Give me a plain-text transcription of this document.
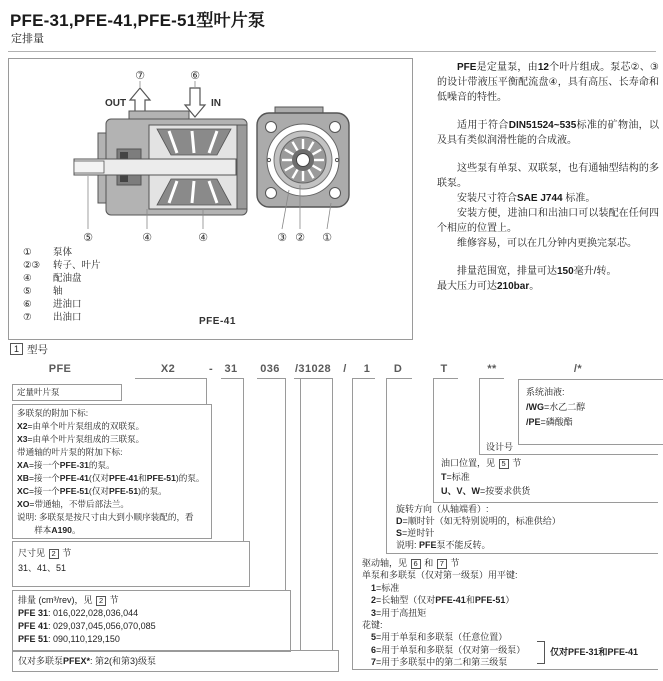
PFE-31,PFE-41,PFE-51型叶片泵
定排量
⑦	⑥
OUT	IN
⑤	④	④	③ ② ①
① 泵体
②③ 转子、叶片
④ 配油盘
⑤ 轴
⑥ 进油口
⑦ 出油口	PFE-41

PFE是定量泵，由12个叶片组成。泵芯②、③的设计带液压平衡配流盘④，具有高压、长寿命和低噪音的特性。

适用于符合DIN51524~535标准的矿物油，以及具有类似润滑性能的合成液。

这些泵有单泵、双联泵，也有通轴型结构的多联泵。

安装尺寸符合SAE J744 标准。

安装方便，进油口和出油口可以装配在任何四个相应的位置上。

维修容易，可以在几分钟内更换完泵芯。

排量范围宽，排量可达150毫升/转。

最大压力可达210bar。

1 型号
PFE	X2	- 31 036 /31028 / 1 D	T	**	/*
定量叶片泵
多联泵的附加下标:
X2=由单个叶片泵组成的双联泵。
X3=由单个叶片泵组成的三联泵。
带通轴的叶片泵的附加下标:
XA=接一个PFE-31的泵。
XB=接一个PFE-41(仅对PFE-41和PFE-51)的泵。
XC=接一个PFE-51(仅对PFE-51)的泵。
XO=带通轴，不带后部法兰。
说明: 多联泵是按尺寸由大到小顺序装配的，看
　　样本A190。
尺寸见 2 节
31、41、51
排量 (cm³/rev)，见 2 节
PFE 31: 016,022,028,036,044
PFE 41: 029,037,045,056,070,085
PFE 51: 090,110,129,150
仅对多联泵PFEX*: 第2(和第3)级泵
系统油液:
/WG=水乙二醇
/PE=磷酸酯
设计号
油口位置，见 5 节
T=标准
U、V、W=按要求供货
旋转方向（从轴端看）:
D=顺时针（如无特别说明的，标准供给）
S=逆时针
说明: PFE泵不能反转。
驱动轴，见 6 和 7 节
单泵和多联泵（仅对第一级泵）用平键:
　1=标准
　2=长轴型（仅对PFE-41和PFE-51）
　3=用于高扭矩
花键:
　5=用于单泵和多联泵（任意位置）
　6=用于单泵和多联泵（仅对第一级泵）
　7=用于多联泵中的第二和第三级泵
仅对PFE-31和PFE-41
